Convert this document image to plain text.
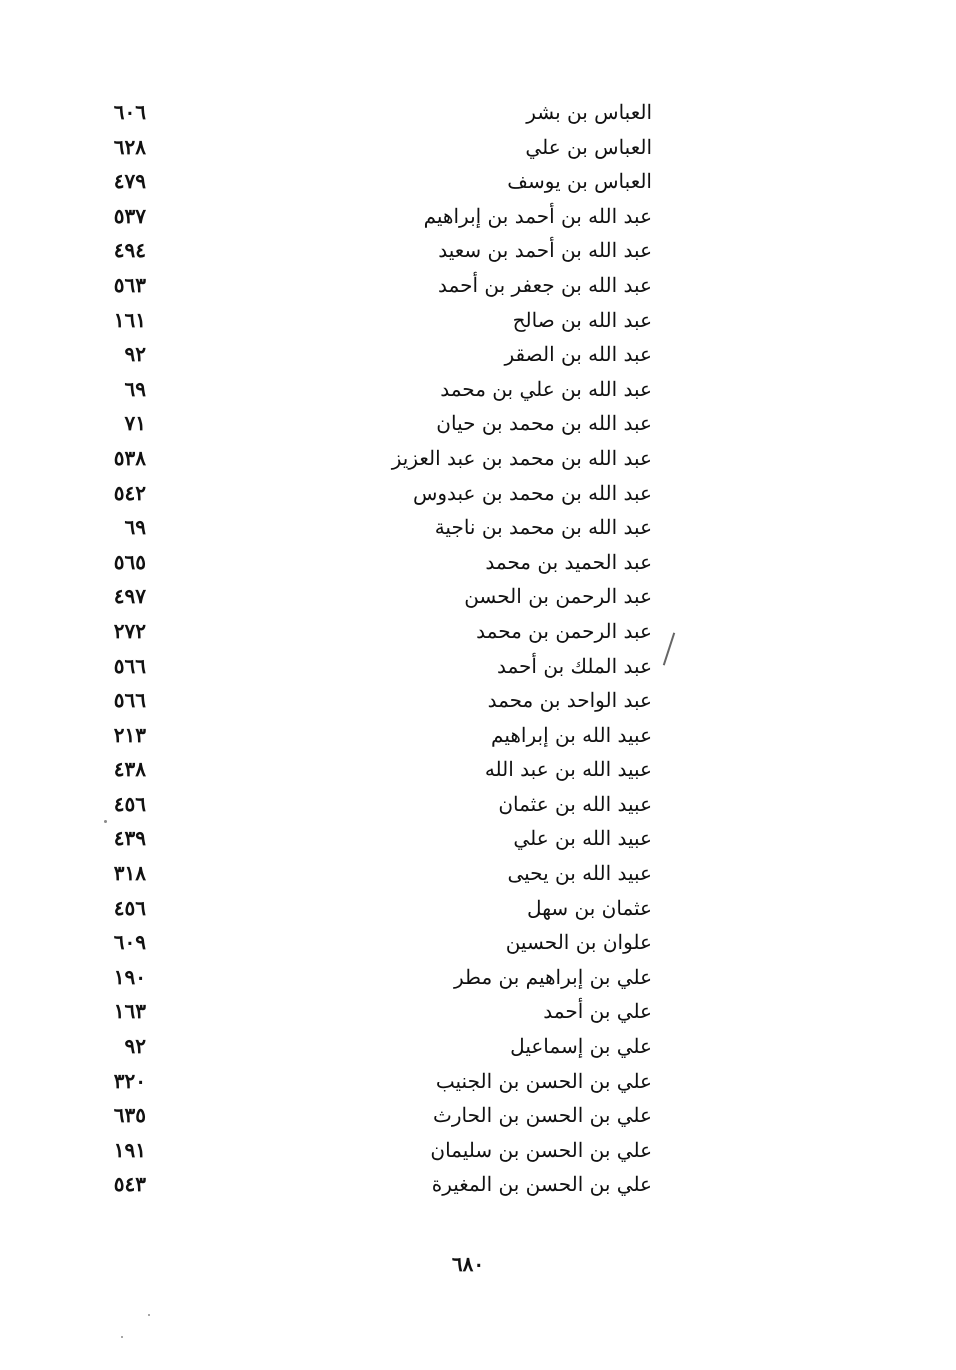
العباس بن بشر
٦٠٦
العباس بن علي
٦٢٨
العباس بن يوسف
٤٧٩
عبد الله بن أحمد بن إبراهيم
٥٣٧
عبد الله بن أحمد بن سعيد
٤٩٤
عبد الله بن جعفر بن أحمد
٥٦٣
عبد الله بن صالح
١٦١
عبد الله بن الصقر
٩٢
عبد الله بن علي بن محمد
٦٩
عبد الله بن محمد بن حيان
٧١
عبد الله بن محمد بن عبد العزيز
٥٣٨
عبد الله بن محمد بن عبدوس
٥٤٢
عبد الله بن محمد بن ناجية
٦٩
عبد الحميد بن محمد
٥٦٥
عبد الرحمن بن الحسن
٤٩٧
عبد الرحمن بن محمد
٢٧٢
عبد الملك بن أحمد
٥٦٦
عبد الواحد بن محمد
٥٦٦
عبيد الله بن إبراهيم
٢١٣
عبيد الله بن عبد الله
٤٣٨
عبيد الله بن عثمان
٤٥٦
عبيد الله بن علي
٤٣٩
عبيد الله بن يحيى
٣١٨
عثمان بن سهل
٤٥٦
علوان بن الحسين
٦٠٩
علي بن إبراهيم بن مطر
١٩٠
علي بن أحمد
١٦٣
علي بن إسماعيل
٩٢
علي بن الحسن بن الجنيب
٣٢٠
علي بن الحسن بن الحارث
٦٣٥
علي بن الحسن بن سليمان
١٩١
علي بن الحسن بن المغيرة
٥٤٣
٦٨٠
